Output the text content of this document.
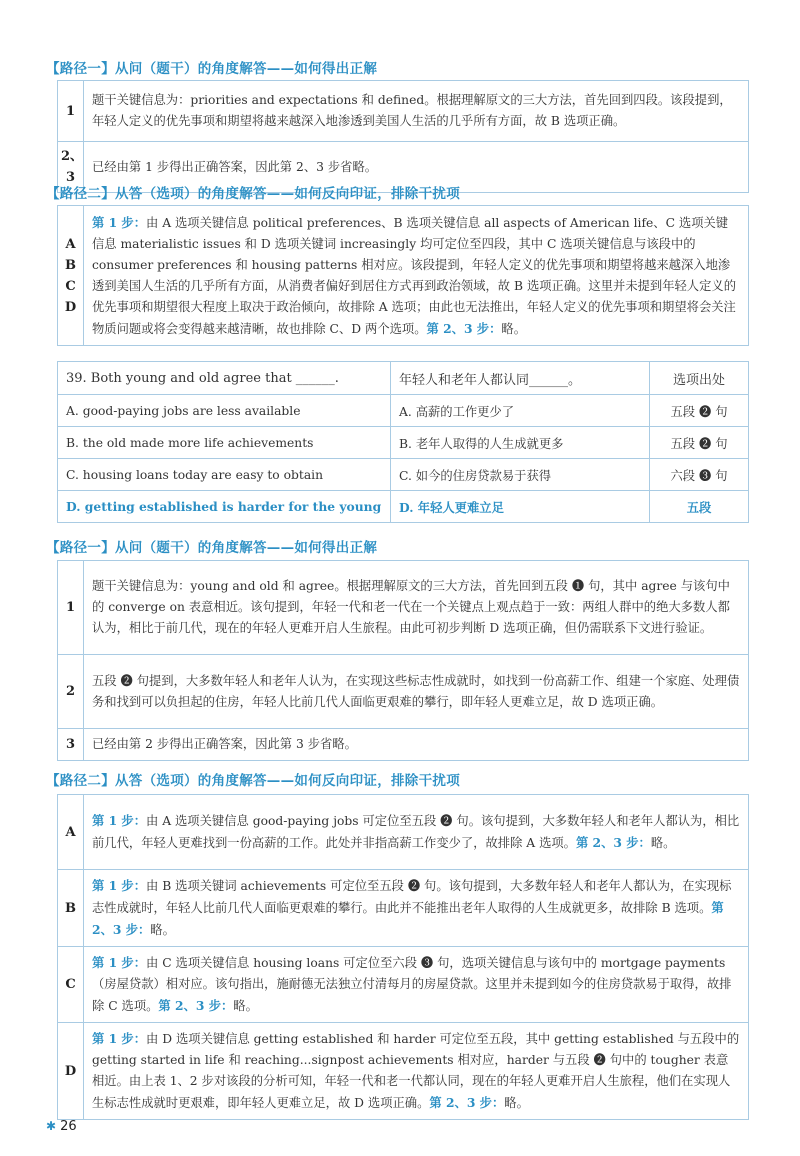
【路径一】从问（题干）的角度解答——如何得出正解
1	题干关键信息为：priorities and expectations 和 defined。根据理解原文的三大方法，首先回到四段。该段提到，年轻人定义的优先事项和期望将越来越深入地渗透到美国人生活的几乎所有方面，故 B 选项正确。
2、3	已经由第 1 步得出正确答案，因此第 2、3 步省略。
【路径二】从答（选项）的角度解答——如何反向印证，排除干扰项
A B C D	第 1 步：由 A 选项关键信息 political preferences、B 选项关键信息 all aspects of American life、C 选项关键信息 materialistic issues 和 D 选项关键词 increasingly 均可定位至四段，其中 C 选项关键信息与该段中的 consumer preferences 和 housing patterns 相对应。该段提到，年轻人定义的优先事项和期望将越来越深入地渗透到美国人生活的几乎所有方面，从消费者偏好到居住方式再到政治领域，故 B 选项正确。这里并未提到年轻人定义的优先事项和期望很大程度上取决于政治倾向，故排除 A 选项；由此也无法推出，年轻人定义的优先事项和期望将会关注物质问题或将会变得越来越清晰，故也排除 C、D 两个选项。第 2、3 步：略。
39. Both young and old agree that ______.	年轻人和老年人都认同______。	选项出处
A. good-paying jobs are less available	A. 高薪的工作更少了	五段 ❷ 句
B. the old made more life achievements	B. 老年人取得的人生成就更多	五段 ❷ 句
C. housing loans today are easy to obtain	C. 如今的住房贷款易于获得	六段 ❸ 句
D. getting established is harder for the young	D. 年轻人更难立足	五段
【路径一】从问（题干）的角度解答——如何得出正解
1	题干关键信息为：young and old 和 agree。根据理解原文的三大方法，首先回到五段 ❶ 句，其中 agree 与该句中的 converge on 表意相近。该句提到，年轻一代和老一代在一个关键点上观点趋于一致：两组人群中的绝大多数人都认为，相比于前几代，现在的年轻人更难开启人生旅程。由此可初步判断 D 选项正确，但仍需联系下文进行验证。
2	五段 ❷ 句提到，大多数年轻人和老年人认为，在实现这些标志性成就时，如找到一份高薪工作、组建一个家庭、处理债务和找到可以负担起的住房，年轻人比前几代人面临更艰难的攀行，即年轻人更难立足，故 D 选项正确。
3	已经由第 2 步得出正确答案，因此第 3 步省略。
【路径二】从答（选项）的角度解答——如何反向印证，排除干扰项
A	第 1 步：由 A 选项关键信息 good-paying jobs 可定位至五段 ❷ 句。该句提到，大多数年轻人和老年人都认为，相比前几代，年轻人更难找到一份高薪的工作。此处并非指高薪工作变少了，故排除 A 选项。第 2、3 步：略。
B	第 1 步：由 B 选项关键词 achievements 可定位至五段 ❷ 句。该句提到，大多数年轻人和老年人都认为，在实现标志性成就时，年轻人比前几代人面临更艰难的攀行。由此并不能推出老年人取得的人生成就更多，故排除 B 选项。第 2、3 步：略。
C	第 1 步：由 C 选项关键信息 housing loans 可定位至六段 ❸ 句，选项关键信息与该句中的 mortgage payments（房屋贷款）相对应。该句指出，施耐德无法独立付清每月的房屋贷款。这里并未提到如今的住房贷款易于取得，故排除 C 选项。第 2、3 步：略。
D	第 1 步：由 D 选项关键信息 getting established 和 harder 可定位至五段，其中 getting established 与五段中的 getting started in life 和 reaching...signpost achievements 相对应，harder 与五段 ❷ 句中的 tougher 表意相近。由上表 1、2 步对该段的分析可知，年轻一代和老一代都认同，现在的年轻人更难开启人生旅程，他们在实现人生标志性成就时更艰难，即年轻人更难立足，故 D 选项正确。第 2、3 步：略。
✱ 26
